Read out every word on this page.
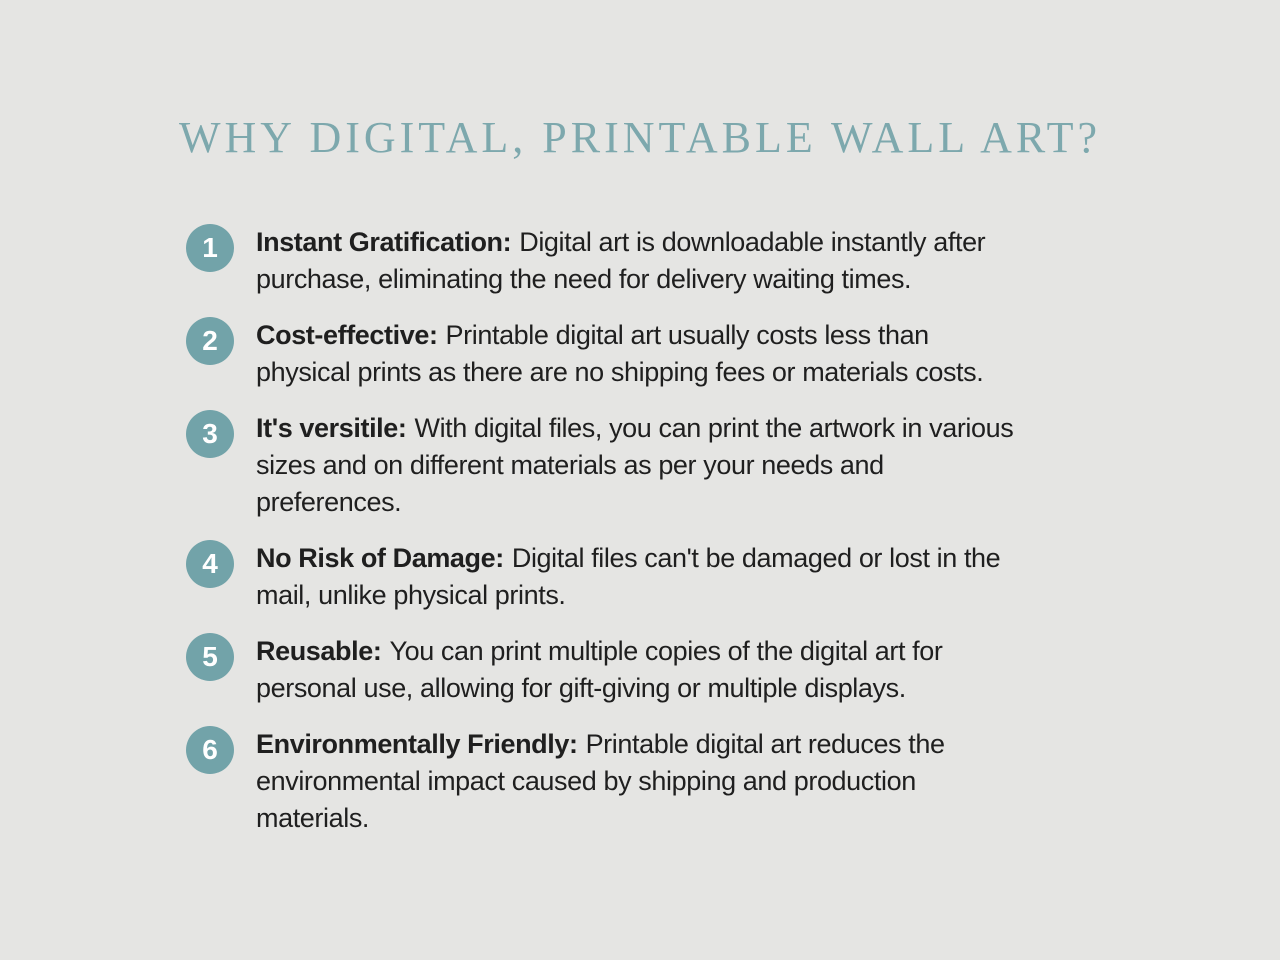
WHY DIGITAL, PRINTABLE WALL ART?
1 Instant Gratification: Digital art is downloadable instantly after
purchase, eliminating the need for delivery waiting times.
2 Cost-effective: Printable digital art usually costs less than
physical prints as there are no shipping fees or materials costs.
3 It's versitile: With digital files, you can print the artwork in various
sizes and on different materials as per your needs and
preferences.
4 No Risk of Damage: Digital files can't be damaged or lost in the
mail, unlike physical prints.
5 Reusable: You can print multiple copies of the digital art for
personal use, allowing for gift-giving or multiple displays.
6 Environmentally Friendly: Printable digital art reduces the
environmental impact caused by shipping and production
materials.
